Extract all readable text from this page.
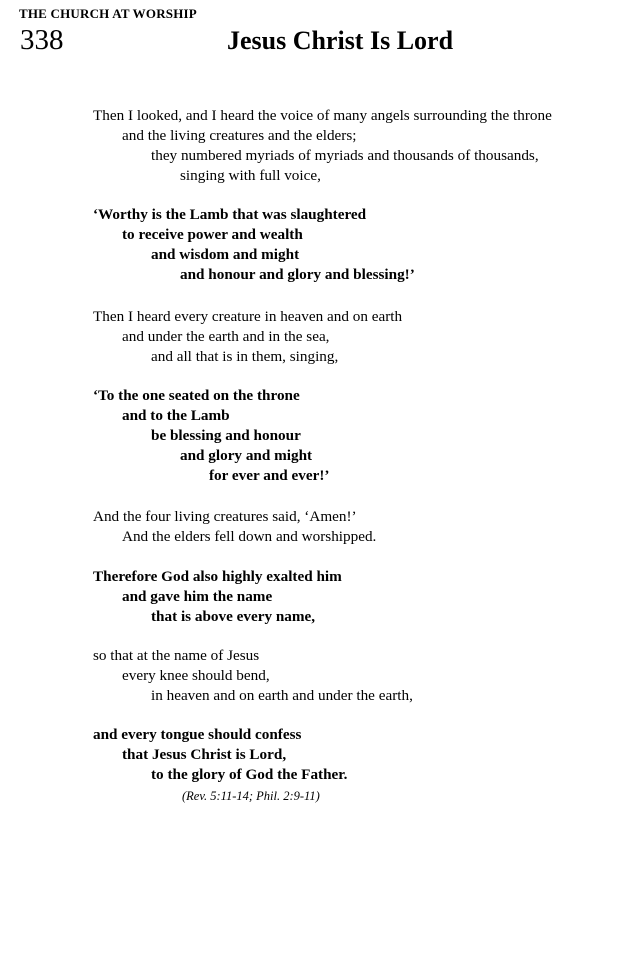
THE CHURCH AT WORSHIP
338	Jesus Christ Is Lord
Then I looked, and I heard the voice of many angels surrounding the throne
and the living creatures and the elders;
they numbered myriads of myriads and thousands of thousands,
singing with full voice,
‘Worthy is the Lamb that was slaughtered
to receive power and wealth
and wisdom and might
and honour and glory and blessing!’
Then I heard every creature in heaven and on earth
and under the earth and in the sea,
and all that is in them, singing,
‘To the one seated on the throne
and to the Lamb
be blessing and honour
and glory and might
for ever and ever!’
And the four living creatures said, ‘Amen!’
And the elders fell down and worshipped.
Therefore God also highly exalted him
and gave him the name
that is above every name,
so that at the name of Jesus
every knee should bend,
in heaven and on earth and under the earth,
and every tongue should confess
that Jesus Christ is Lord,
to the glory of God the Father.
(Rev. 5:11-14; Phil. 2:9-11)
